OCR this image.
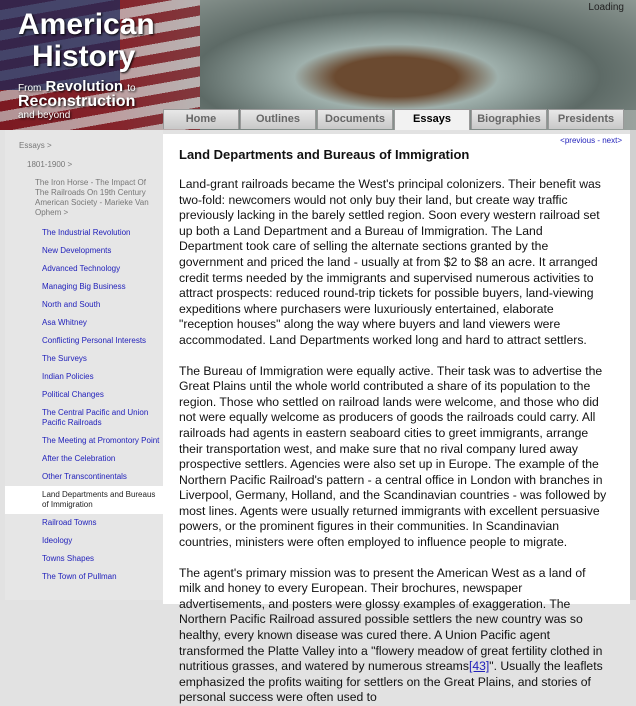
American
History
From Revolution to
Reconstruction
and beyond
Loading
Home	Outlines	Documents	Essays	Biographies	Presidents
Essays >
1801-1900 >
The Iron Horse - The Impact Of The Railroads On 19th Century American Society - Marieke Van Ophem >
The Industrial Revolution
New Developments
Advanced Technology
Managing Big Business
North and South
Asa Whitney
Conflicting Personal Interests
The Surveys
Indian Policies
Political Changes
The Central Pacific and Union Pacific Railroads
The Meeting at Promontory Point
After the Celebration
Other Transcontinentals
Land Departments and Bureaus of Immigration
Railroad Towns
Ideology
Towns Shapes
The Town of Pullman
<previous - next>
Land Departments and Bureaus of Immigration

Land-grant railroads became the West's principal colonizers. Their benefit was two-fold: newcomers would not only buy their land, but create way traffic previously lacking in the barely settled region. Soon every western railroad set up both a Land Department and a Bureau of Immigration. The Land Department took care of selling the alternate sections granted by the government and priced the land - usually at from $2 to $8 an acre. It arranged credit terms needed by the immigrants and supervised numerous activities to attract prospects: reduced round-trip tickets for possible buyers, land-viewing expeditions where purchasers were luxuriously entertained, elaborate "reception houses" along the way where buyers and land viewers were accommodated. Land Departments worked long and hard to attract settlers.

The Bureau of Immigration were equally active. Their task was to advertise the Great Plains until the whole world contributed a share of its population to the region. Those who settled on railroad lands were welcome, and those who did not were equally welcome as producers of goods the railroads could carry. All railroads had agents in eastern seaboard cities to greet immigrants, arrange their transportation west, and make sure that no rival company lured away prospective settlers. Agencies were also set up in Europe. The example of the Northern Pacific Railroad's pattern - a central office in London with branches in Liverpool, Germany, Holland, and the Scandinavian countries - was followed by most lines. Agents were usually returned immigrants with excellent persuasive powers, or the prominent figures in their communities. In Scandinavian countries, ministers were often employed to influence people to migrate.

The agent's primary mission was to present the American West as a land of milk and honey to every European. Their brochures, newspaper advertisements, and posters were glossy examples of exaggeration. The Northern Pacific Railroad assured possible settlers the new country was so healthy, every known disease was cured there. A Union Pacific agent transformed the Platte Valley into a "flowery meadow of great fertility clothed in nutritious grasses, and watered by numerous streams[43]". Usually the leaflets emphasized the profits waiting for settlers on the Great Plains, and stories of personal success were often used to
